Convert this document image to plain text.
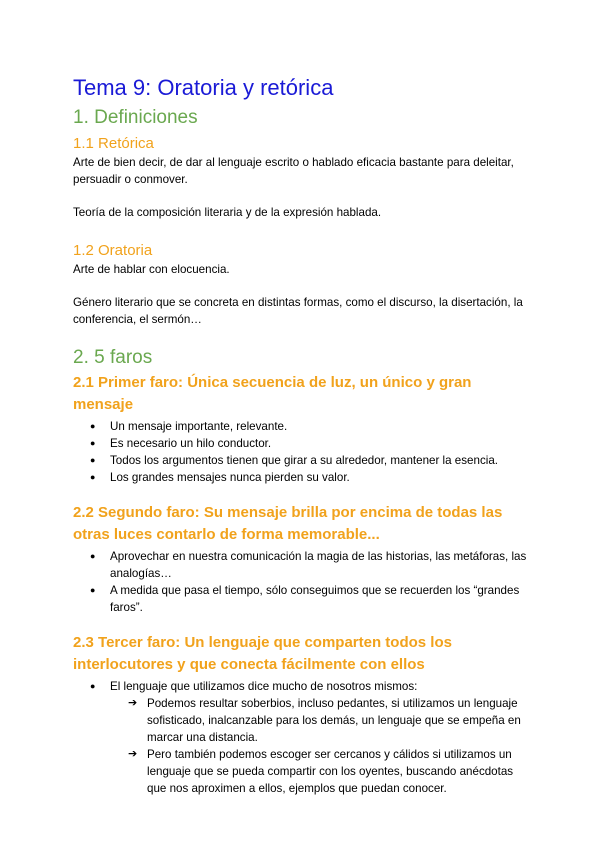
Tema 9: Oratoria y retórica
1. Definiciones
1.1 Retórica

Arte de bien decir, de dar al lenguaje escrito o hablado eficacia bastante para deleitar, persuadir o conmover.

Teoría de la composición literaria y de la expresión hablada.

1.2 Oratoria

Arte de hablar con elocuencia.

Género literario que se concreta en distintas formas, como el discurso, la disertación, la conferencia, el sermón…

2. 5 faros
2.1 Primer faro: Única secuencia de luz, un único y gran mensaje
● Un mensaje importante, relevante.
● Es necesario un hilo conductor.
● Todos los argumentos tienen que girar a su alrededor, mantener la esencia.
● Los grandes mensajes nunca pierden su valor.
2.2 Segundo faro: Su mensaje brilla por encima de todas las otras luces contarlo de forma memorable...
● Aprovechar en nuestra comunicación la magia de las historias, las metáforas, las analogías…
● A medida que pasa el tiempo, sólo conseguimos que se recuerden los “grandes faros”.
2.3 Tercer faro: Un lenguaje que comparten todos los interlocutores y que conecta fácilmente con ellos
● El lenguaje que utilizamos dice mucho de nosotros mismos:
➔ Podemos resultar soberbios, incluso pedantes, si utilizamos un lenguaje sofisticado, inalcanzable para los demás, un lenguaje que se empeña en marcar una distancia.
➔ Pero también podemos escoger ser cercanos y cálidos si utilizamos un lenguaje que se pueda compartir con los oyentes, buscando anécdotas que nos aproximen a ellos, ejemplos que puedan conocer.
